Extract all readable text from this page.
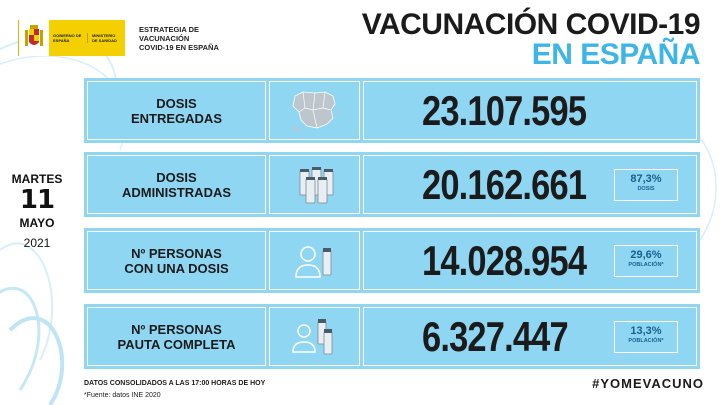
GOBIERNO DE ESPAÑA
MINISTERIO DE SANIDAD
ESTRATEGIA DE
VACUNACIÓN
COVID-19 EN ESPAÑA
VACUNACIÓN COVID-19
EN ESPAÑA
MARTES
11
MAYO
2021
DOSIS
ENTREGADAS	23.107.595
DOSIS
ADMINISTRADAS	20.162.661	87,3%
DOSIS
Nº PERSONAS
CON UNA DOSIS	14.028.954	29,6%
POBLACIÓN*
Nº PERSONAS
PAUTA COMPLETA	6.327.447	13,3%
POBLACIÓN*
DATOS CONSOLIDADOS A LAS 17:00 HORAS DE HOY
*Fuente: datos INE 2020
#YOMEVACUNO
